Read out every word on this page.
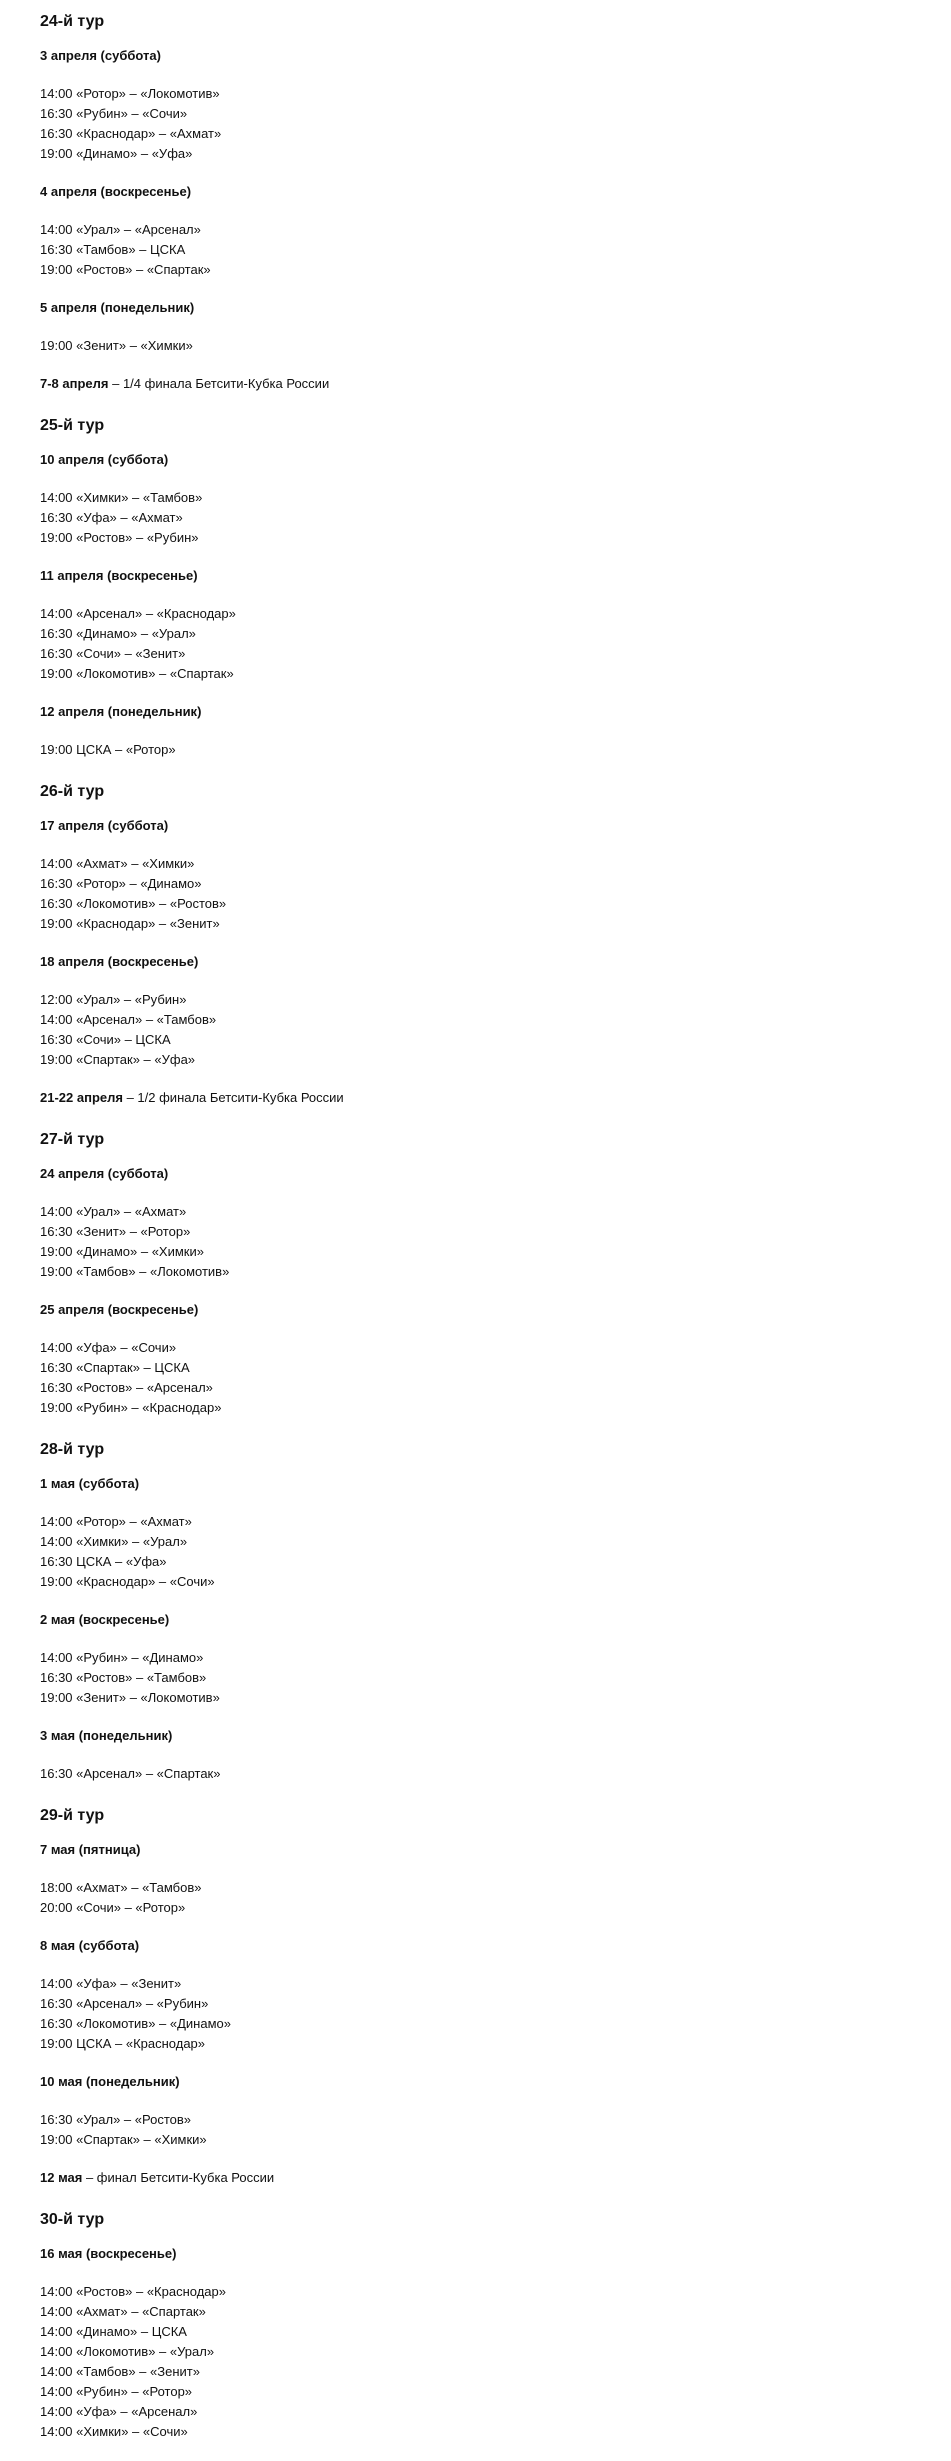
24-й тур
3 апреля (суббота)
14:00 «Ротор» – «Локомотив»
16:30 «Рубин» – «Сочи»
16:30 «Краснодар» – «Ахмат»
19:00 «Динамо» – «Уфа»
4 апреля (воскресенье)
14:00 «Урал» – «Арсенал»
16:30 «Тамбов» – ЦСКА
19:00 «Ростов» – «Спартак»
5 апреля (понедельник)
19:00 «Зенит» – «Химки»

7-8 апреля – 1/4 финала Бетсити-Кубка России

25-й тур
10 апреля (суббота)
14:00 «Химки» – «Тамбов»
16:30 «Уфа» – «Ахмат»
19:00 «Ростов» – «Рубин»
11 апреля (воскресенье)
14:00 «Арсенал» – «Краснодар»
16:30 «Динамо» – «Урал»
16:30 «Сочи» – «Зенит»
19:00 «Локомотив» – «Спартак»
12 апреля (понедельник)
19:00 ЦСКА – «Ротор»
26-й тур
17 апреля (суббота)
14:00 «Ахмат» – «Химки»
16:30 «Ротор» – «Динамо»
16:30 «Локомотив» – «Ростов»
19:00 «Краснодар» – «Зенит»
18 апреля (воскресенье)
12:00 «Урал» – «Рубин»
14:00 «Арсенал» – «Тамбов»
16:30 «Сочи» – ЦСКА
19:00 «Спартак» – «Уфа»

21-22 апреля – 1/2 финала Бетсити-Кубка России

27-й тур
24 апреля (суббота)
14:00 «Урал» – «Ахмат»
16:30 «Зенит» – «Ротор»
19:00 «Динамо» – «Химки»
19:00 «Тамбов» – «Локомотив»
25 апреля (воскресенье)
14:00 «Уфа» – «Сочи»
16:30 «Спартак» – ЦСКА
16:30 «Ростов» – «Арсенал»
19:00 «Рубин» – «Краснодар»
28-й тур
1 мая (суббота)
14:00 «Ротор» – «Ахмат»
14:00 «Химки» – «Урал»
16:30 ЦСКА – «Уфа»
19:00 «Краснодар» – «Сочи»
2 мая (воскресенье)
14:00 «Рубин» – «Динамо»
16:30 «Ростов» – «Тамбов»
19:00 «Зенит» – «Локомотив»
3 мая (понедельник)
16:30 «Арсенал» – «Спартак»
29-й тур
7 мая (пятница)
18:00 «Ахмат» – «Тамбов»
20:00 «Сочи» – «Ротор»
8 мая (суббота)
14:00 «Уфа» – «Зенит»
16:30 «Арсенал» – «Рубин»
16:30 «Локомотив» – «Динамо»
19:00 ЦСКА – «Краснодар»
10 мая (понедельник)
16:30 «Урал» – «Ростов»
19:00 «Спартак» – «Химки»

12 мая – финал Бетсити-Кубка России

30-й тур
16 мая (воскресенье)
14:00 «Ростов» – «Краснодар»
14:00 «Ахмат» – «Спартак»
14:00 «Динамо» – ЦСКА
14:00 «Локомотив» – «Урал»
14:00 «Тамбов» – «Зенит»
14:00 «Рубин» – «Ротор»
14:00 «Уфа» – «Арсенал»
14:00 «Химки» – «Сочи»
